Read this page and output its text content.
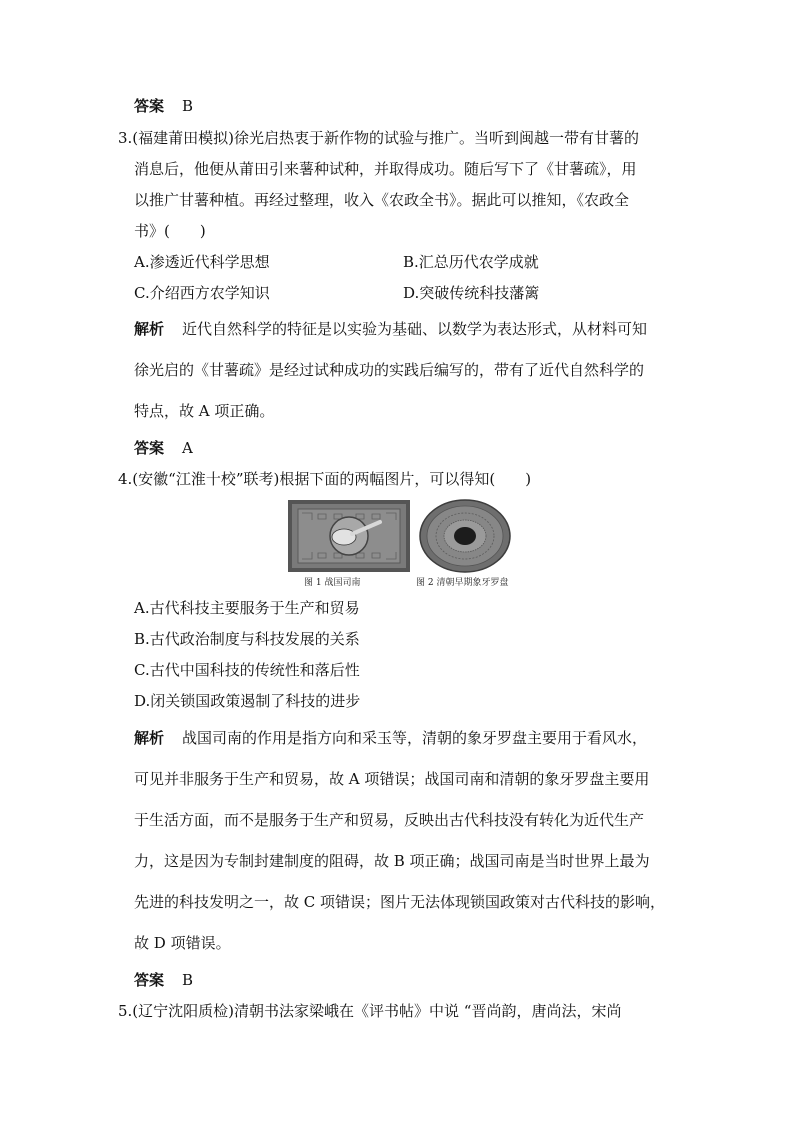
答案 B
3.(福建莆田模拟)徐光启热衷于新作物的试验与推广。当听到闽越一带有甘薯的
消息后，他便从莆田引来薯种试种，并取得成功。随后写下了《甘薯疏》，用
以推广甘薯种植。再经过整理，收入《农政全书》。据此可以推知，《农政全
书》(　　)
A.渗透近代科学思想	B.汇总历代农学成就
C.介绍西方农学知识	D.突破传统科技藩篱
解析 近代自然科学的特征是以实验为基础、以数学为表达形式，从材料可知
徐光启的《甘薯疏》是经过试种成功的实践后编写的，带有了近代自然科学的
特点，故 A 项正确。
答案 A
4.(安徽“江淮十校”联考)根据下面的两幅图片，可以得知(　　)
图 1 战国司南	图 2 清朝早期象牙罗盘
A.古代科技主要服务于生产和贸易
B.古代政治制度与科技发展的关系
C.古代中国科技的传统性和落后性
D.闭关锁国政策遏制了科技的进步
解析 战国司南的作用是指方向和采玉等，清朝的象牙罗盘主要用于看风水，
可见并非服务于生产和贸易，故 A 项错误；战国司南和清朝的象牙罗盘主要用
于生活方面，而不是服务于生产和贸易，反映出古代科技没有转化为近代生产
力，这是因为专制封建制度的阻碍，故 B 项正确；战国司南是当时世界上最为
先进的科技发明之一，故 C 项错误；图片无法体现锁国政策对古代科技的影响，
故 D 项错误。
答案 B
5.(辽宁沈阳质检)清朝书法家梁峨在《评书帖》中说 “晋尚韵，唐尚法，宋尚
